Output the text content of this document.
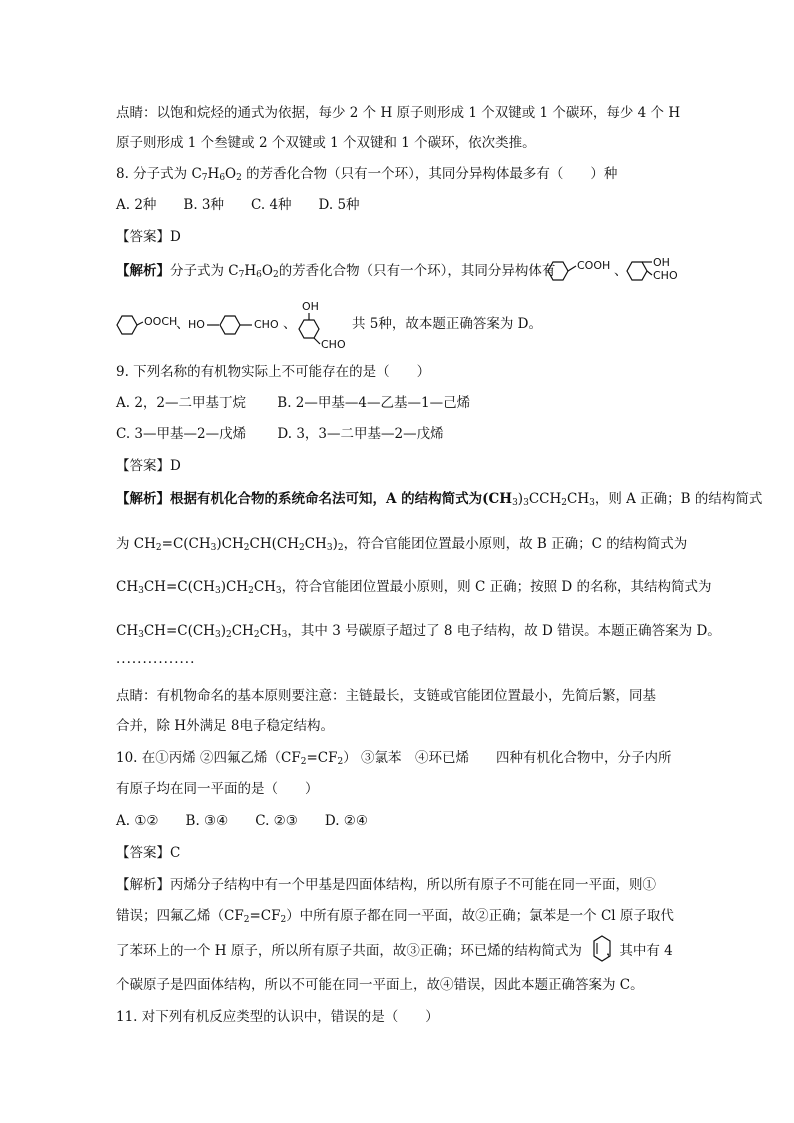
点睛：以饱和烷烃的通式为依据，每少 2 个 H 原子则形成 1 个双键或 1 个碳环，每少 4 个 H
原子则形成 1 个叁键或 2 个双键或 1 个双键和 1 个碳环，依次类推。
8. 分子式为 $C_7H_6O_2$ 的芳香化合物（只有一个环），其同分异构体最多有（　　）种
A. 2种　　B. 3种　　C. 4种　　D. 5种
【答案】D
【解析】分子式为 $C_7H_6O_2$的芳香化合物（只有一个环），其同分异构体有 COOH 、
OH
CHO
OOCH
、
HO	CHO 、
OH
CHO
共 5种，故本题正确答案为 D。
9. 下列名称的有机物实际上不可能存在的是（　　）
A. 2，2—二甲基丁烷　　 B. 2—甲基—4—乙基—1—己烯
C. 3—甲基—2—戊烯　　 D. 3，3—二甲基—2—戊烯
【答案】D
【解析】根据有机化合物的系统命名法可知，A 的结构简式为$(CH_3)_3CCH_2CH_3$，则 A 正确；B 的结构简式
为 $CH_2=C(CH_3)CH_2CH(CH_2CH_3)_2$，符合官能团位置最小原则，故 B 正确；C 的结构简式为
$CH_3CH=C(CH_3)CH_2CH_3$，符合官能团位置最小原则，则 C 正确；按照 D 的名称，其结构简式为
$CH_3CH=C(CH_3)_2CH_2CH_3$，其中 3 号碳原子超过了 8 电子结构，故 D 错误。本题正确答案为 D。
···············
点睛：有机物命名的基本原则要注意：主链最长，支链或官能团位置最小，先简后繁，同基
合并，除 H外满足 8电子稳定结构。
10. 在①丙烯 ②四氟乙烯$(CF_2=CF_2)$ ③氯苯　④环已烯　　四种有机化合物中，分子内所
有原子均在同一平面的是（　　）
A. ①②　　B. ③④　　C. ②③　　D. ②④
【答案】C
【解析】丙烯分子结构中有一个甲基是四面体结构，所以所有原子不可能在同一平面，则①
错误；四氟乙烯$(CF_2=CF_2)$中所有原子都在同一平面，故②正确；氯苯是一个 Cl 原子取代
了苯环上的一个 H 原子，所以所有原子共面，故③正确；环已烯的结构简式为 ，其中有 4
个碳原子是四面体结构，所以不可能在同一平面上，故④错误，因此本题正确答案为 C。
11. 对下列有机反应类型的认识中，错误的是（　　）
